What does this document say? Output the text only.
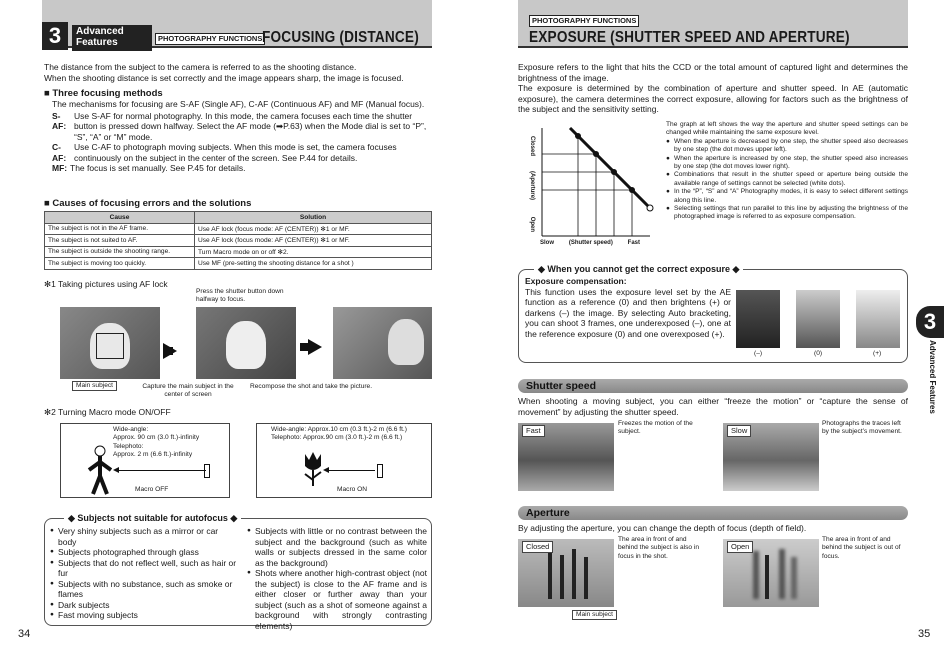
3	Advanced
Features	PHOTOGRAPHY FUNCTIONS FOCUSING (DISTANCE)
The distance from the subject to the camera is referred to as the shooting distance.
When the shooting distance is set correctly and the image appears sharp, the image is focused.
■ Three focusing methods
The mechanisms for focusing are S-AF (Single AF), C-AF (Continuous AF) and MF (Manual focus).
S-AF:
Use S-AF for normal photography. In this mode, the camera focuses each time the shutter button is pressed down halfway. Select the AF mode (➡P.63) when the Mode dial is set to “P”, “S”, “A” or “M” mode.
C-AF:
Use C-AF to photograph moving subjects. When this mode is set, the camera focuses continuously on the subject in the center of the screen. See P.44 for details.
MF: The focus is set manually. See P.45 for details.
■ Causes of focusing errors and the solutions
Cause	Solution
The subject is not in the AF frame.	Use AF lock (focus mode: AF (CENTER)) ✻1 or MF.
The subject is not suited to AF.	Use AF lock (focus mode: AF (CENTER)) ✻1 or MF.
The subject is outside the shooting range.	Turn Macro mode on or off ✻2.
The subject is moving too quickly.	Use MF (pre-setting the shooting distance for a shot )
✻1 Taking pictures using AF lock
Press the shutter button down halfway to focus.
Main subject	Capture the main subject in the center of screen
Recompose the shot and take the picture.
✻2 Turning Macro mode ON/OFF
Wide-angle:
Approx. 90 cm (3.0 ft.)-infinity
Telephoto:
Approx. 2 m (6.6 ft.)-infinity
Macro OFF
Wide-angle: Approx.10 cm (0.3 ft.)-2 m (6.6 ft.)
Telephoto: Approx.90 cm (3.0 ft.)-2 m (6.6 ft.)
Macro ON
◆ Subjects not suitable for autofocus ◆
● Very shiny subjects such as a mirror or car body
● Subjects photographed through glass
● Subjects that do not reflect well, such as hair or fur
● Subjects with no substance, such as smoke or flames
● Dark subjects
● Fast moving subjects
● Subjects with little or no contrast between the subject and the background (such as white walls or subjects dressed in the same color as the background)
● Shots where another high-contrast object (not the subject) is close to the AF frame and is either closer or further away than your subject (such as a shot of someone against a background with strongly contrasting elements)
34
PHOTOGRAPHY FUNCTIONS
EXPOSURE (SHUTTER SPEED AND APERTURE)
Exposure refers to the light that hits the CCD or the total amount of captured light and determines the brightness of the image.
The exposure is determined by the combination of aperture and shutter speed. In AE (automatic exposure), the camera determines the correct exposure, allowing for factors such as the brightness of the subject and the sensitivity setting.
Closed         (Aperture)          Open
Slow (Shutter speed) Fast
The graph at left shows the way the aperture and shutter speed settings can be changed while maintaining the same exposure level.
● When the aperture is decreased by one step, the shutter speed also decreases by one step (the dot moves upper left).
● When the aperture is increased by one step, the shutter speed also increases by one step (the dot moves lower right).
● Combinations that result in the shutter speed or aperture being outside the available range of settings cannot be selected (white dots).
● In the “P”, “S” and “A” Photography modes, it is easy to select different settings along this line.
● Selecting settings that run parallel to this line by adjusting the brightness of the photographed image is referred to as exposure compensation.
◆ When you cannot get the correct exposure ◆
Exposure compensation:
This function uses the exposure level set by the AE function as a reference (0) and then brightens (+) or darkens (–) the image. By selecting Auto bracketing, you can shoot 3 frames, one underexposed (–), one at the reference exposure (0) and one overexposed (+).
(–)	(0)	(+)
Shutter speed
When shooting a moving subject, you can either “freeze the motion” or “capture the sense of movement” by adjusting the shutter speed.
Fast
Freezes the motion of the subject.	Slow
Photographs the traces left by the subject’s movement.
Aperture
By adjusting the aperture, you can change the depth of focus (depth of field).
Closed
The area in front of and behind the subject is also in focus in the shot.
Main subject
Open
The area in front of and behind the subject is out of focus.
3
Advanced Features
35
